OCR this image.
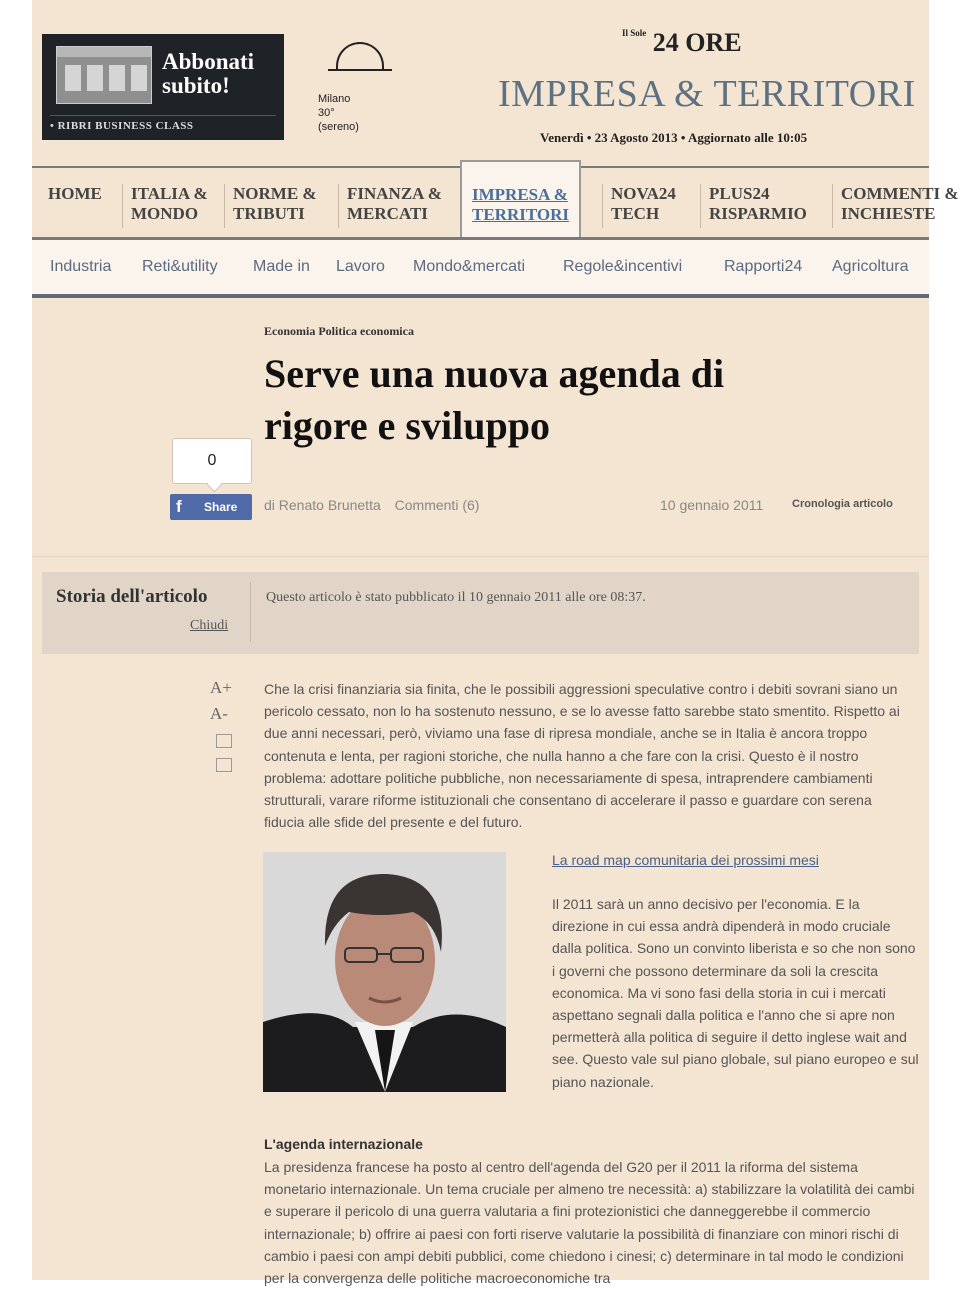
Abbonati
subito!
• RIBRI BUSINESS CLASS
Milano
30°
(sereno)
$^{Il Sole}$ 24 ORE
IMPRESA & TERRITORI
Venerdì • 23 Agosto 2013 • Aggiornato alle 10:05
HOME ITALIA &
MONDO
NORME &
TRIBUTI
FINANZA &
MERCATI
IMPRESA &
TERRITORI
NOVA24
TECH
PLUS24
RISPARMIO
COMMENTI &
INCHIESTE
Industria Reti&utility Made in Lavoro Mondo&mercati Regole&incentivi	Rapporti24 Agricoltura
Economia Politica economica
Serve una nuova agenda di
rigore e sviluppo
0
f Share di Renato Brunetta Commenti (6)	10 gennaio 2011	Cronologia articolo
Storia dell'articolo
Chiudi
Questo articolo è stato pubblicato il 10 gennaio 2011 alle ore 08:37.
A+
A-
Che la crisi finanziaria sia finita, che le possibili aggressioni speculative contro i debiti sovrani siano un pericolo cessato, non lo ha sostenuto nessuno, e se lo avesse fatto sarebbe stato smentito. Rispetto ai due anni necessari, però, viviamo una fase di ripresa mondiale, anche se in Italia è ancora troppo contenuta e lenta, per ragioni storiche, che nulla hanno a che fare con la crisi. Questo è il nostro problema: adottare politiche pubbliche, non necessariamente di spesa, intraprendere cambiamenti strutturali, varare riforme istituzionali che consentano di accelerare il passo e guardare con serena fiducia alle sfide del presente e del futuro.
La road map comunitaria dei prossimi mesi
Il 2011 sarà un anno decisivo per l'economia. E la direzione in cui essa andrà dipenderà in modo cruciale dalla politica. Sono un convinto liberista e so che non sono i governi che possono determinare da soli la crescita economica. Ma vi sono fasi della storia in cui i mercati aspettano segnali dalla politica e l'anno che si apre non permetterà alla politica di seguire il detto inglese wait and see. Questo vale sul piano globale, sul piano europeo e sul piano nazionale.
L'agenda internazionale
La presidenza francese ha posto al centro dell'agenda del G20 per il 2011 la riforma del sistema monetario internazionale. Un tema cruciale per almeno tre necessità: a) stabilizzare la volatilità dei cambi e superare il pericolo di una guerra valutaria a fini protezionistici che danneggerebbe il commercio internazionale; b) offrire ai paesi con forti riserve valutarie la possibilità di finanziare con minori rischi di cambio i paesi con ampi debiti pubblici, come chiedono i cinesi; c) determinare in tal modo le condizioni per la convergenza delle politiche macroeconomiche tra
